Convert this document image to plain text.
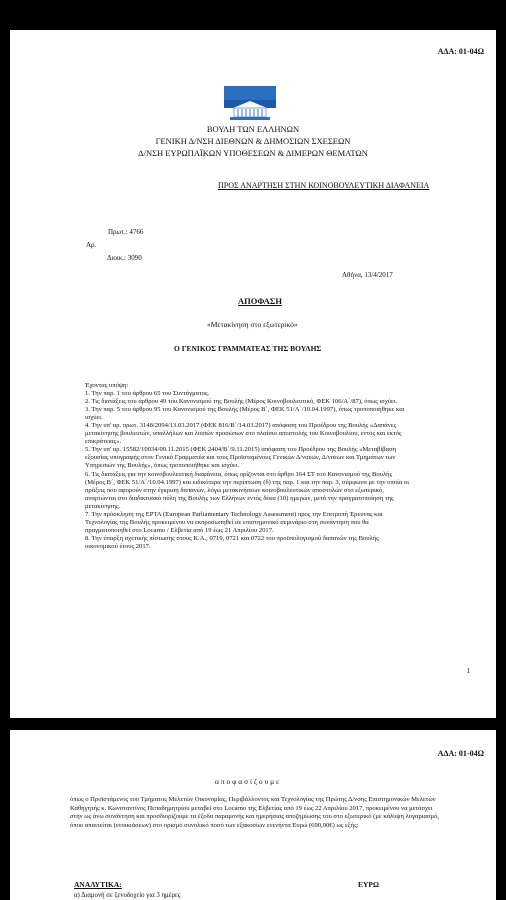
ΑΔΑ: 01-04Ω
ΒΟΥΛΗ ΤΩΝ ΕΛΛΗΝΩΝ
ΓΕΝΙΚΗ Δ/ΝΣΗ ΔΙΕΘΝΩΝ & ΔΗΜΟΣΙΩΝ ΣΧΕΣΕΩΝ
Δ/ΝΣΗ ΕΥΡΩΠΑΪΚΩΝ ΥΠΟΘΕΣΕΩΝ & ΔΙΜΕΡΩΝ ΘΕΜΑΤΩΝ
ΠΡΟΣ ΑΝΑΡΤΗΣΗ ΣΤΗΝ ΚΟΙΝΟΒΟΥΛΕΥΤΙΚΗ ΔΙΑΦΑΝΕΙΑ
Πρωτ.: 4766
Αρ.
Διοικ.: 3090
Αθήνα, 13/4/2017
ΑΠΟΦΑΣΗ
«Μετακίνηση στο εξωτερικό»
Ο ΓΕΝΙΚΟΣ ΓΡΑΜΜΑΤΕΑΣ ΤΗΣ ΒΟΥΛΗΣ
Έχοντας υπόψη:
1. Την παρ. 1 του άρθρου 65 του Συντάγματος.
2. Τις διατάξεις του άρθρου 49 του Κανονισμού της Βουλής (Μέρος Κοινοβουλευτικό, ΦΕΚ 106/Α΄/87), όπως ισχύει.
3. Την παρ. 5 του άρθρου 95 του Κανονισμού της Βουλής (Μέρος Β΄, ΦΕΚ 51/Α΄/10.04.1997), όπως τροποποιήθηκε και ισχύει.
4. Την υπ' αρ. πρωτ. 3148/2094/13.03.2017 (ΦΕΚ 816/Β΄/14.03.2017) απόφαση του Προέδρου της Βουλής «Δαπάνες μετακίνησης βουλευτών, υπαλλήλων και λοιπών προσώπων στο πλαίσιο αποστολής του Κοινοβουλίου, εντός και εκτός επικράτειας».
5. Την υπ' αρ. 15582/10034/09.11.2015 (ΦΕΚ 2404/Β΄/9.11.2015) απόφαση του Προέδρου της Βουλής «Μεταβίβαση εξουσίας υπογραφής στον Γενικό Γραμματέα και τους Προϊσταμένους Γενικών Δ/νσεων, Δ/νσεων και Τμημάτων των Υπηρεσιών της Βουλής», όπως τροποποιήθηκε και ισχύει.
6. Τις διατάξεις για την κοινοβουλευτική διαφάνεια, όπως ορίζονται στο άρθρο 164 ΣΤ του Κανονισμού της Βουλής (Μέρος Β΄, ΦΕΚ 51/Α΄/10.04.1997) και ειδικότερα την περίπτωση (δ) της παρ. 1 και την παρ. 3, σύμφωνα με την οποία οι πράξεις που αφορούν στην έγκριση δαπανών, λόγω μετακινήσεων κοινοβουλευτικών αποστολών στο εξωτερικό, αναρτώνται στο διαδικτυακό πύλη της Βουλής των Ελλήνων εντός δέκα (10) ημερών, μετά την πραγματοποίηση της μετακίνησης.
7. Την πρόσκληση της EPTA (European Parliamentary Technology Assessment) προς την Επιτροπή Έρευνας και Τεχνολογίας της Βουλής προκειμένου να εκπροσωπηθεί σε επιστημονικό σεμινάριο στη συνάντηση που θα πραγματοποιηθεί στο Locarno / Ελβετία από 19 έως 21 Απριλίου 2017.
8. Την ύπαρξη σχετικής πίστωσης στους Κ.Α., 0719, 0721 και 0722 του προϋπολογισμού δαπανών της Βουλής οικονομικού έτους 2017.
1
ΑΔΑ: 01-04Ω
α π ο φ α σ ί ζ ο υ μ ε
όπως ο Προϊστάμενος του Τμήματος Μελετών Οικονομίας, Περιβάλλοντος και Τεχνολογίας της Πρώτης Δ/νσης Επιστημονικών Μελετών Καθηγητής κ. Κωνσταντίνος Πεπαδημητρίου μεταβεί στο Locarno της Ελβετίας από 19 έως 22 Απριλίου 2017, προκειμένου να μετάσχει στην ως άνω συνάντηση και προσδιορίζουμε τα έξοδα παραμονής και ημερήσιας αποζημίωσης του στο εξωτερικό (με κάλυψη λογαριασμό, όπου απαιτείται (ενοικιάσεων) στο ορισμό συνολικό ποσό των εξακοσίων ενενήντα Ευρώ (690,00€) ως εξής:
ΑΝΑΛΥΤΙΚΑ:	ΕΥΡΩ
α) Διαμονή σε ξενοδοχείο για 3 ημέρες
